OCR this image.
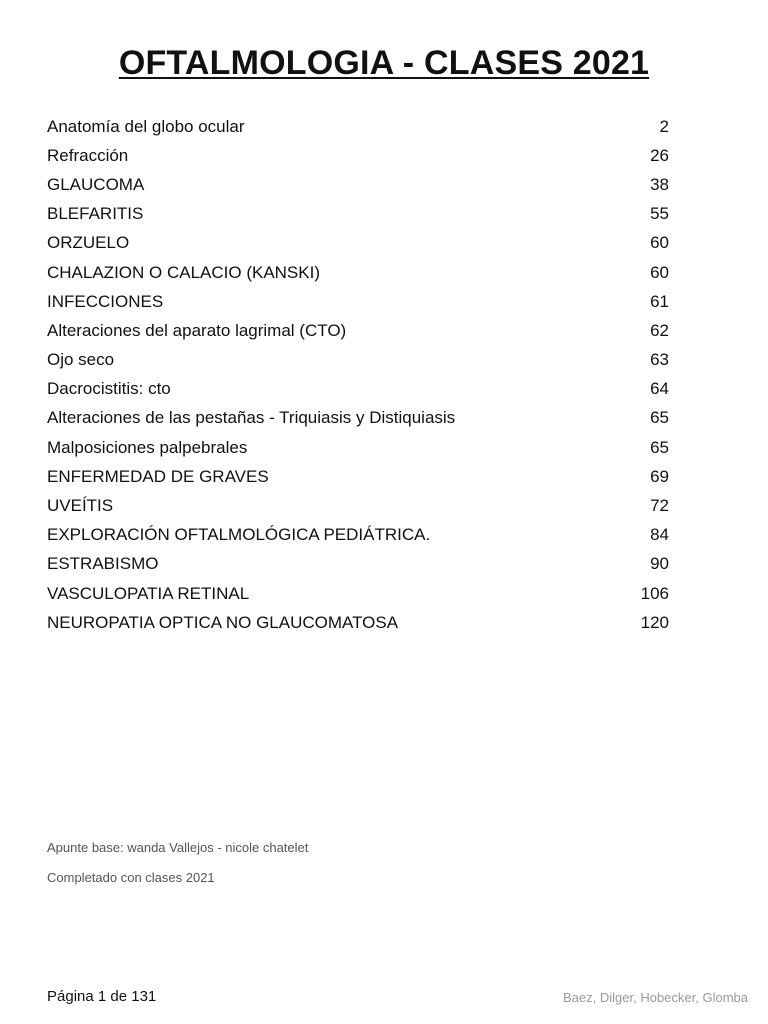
OFTALMOLOGIA - CLASES 2021
Anatomía del globo ocular	2
Refracción	26
GLAUCOMA	38
BLEFARITIS	55
ORZUELO	60
CHALAZION O CALACIO (KANSKI)	60
INFECCIONES	61
Alteraciones del aparato lagrimal (CTO)	62
Ojo seco	63
Dacrocistitis: cto	64
Alteraciones de las pestañas - Triquiasis y Distiquiasis	65
Malposiciones palpebrales	65
ENFERMEDAD DE GRAVES	69
UVEÍTIS	72
EXPLORACIÓN OFTALMOLÓGICA PEDIÁTRICA.	84
ESTRABISMO	90
VASCULOPATIA RETINAL	106
NEUROPATIA OPTICA NO GLAUCOMATOSA	120
Apunte base: wanda Vallejos - nicole chatelet
Completado con clases 2021
Página 1 de 131	Baez, Dilger, Hobecker, Glomba
